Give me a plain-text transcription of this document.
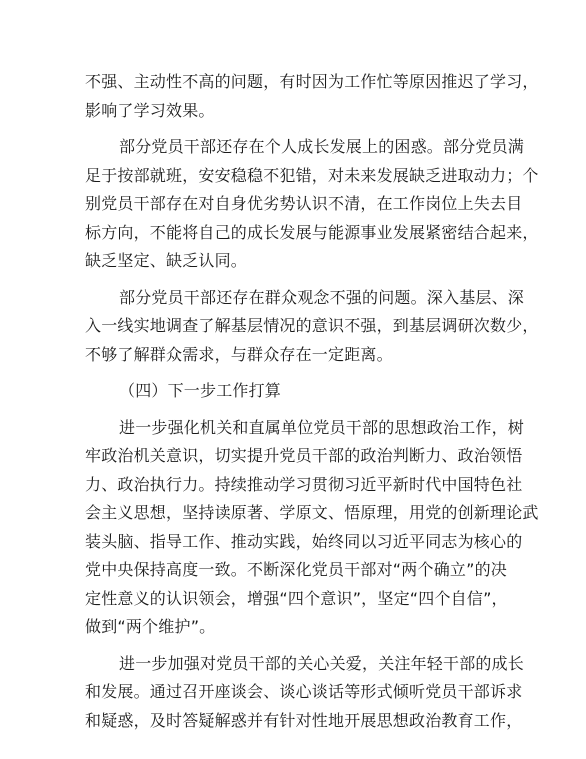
不强、主动性不高的问题，有时因为工作忙等原因推迟了学习，
影响了学习效果。

部分党员干部还存在个人成长发展上的困惑。部分党员满
足于按部就班，安安稳稳不犯错，对未来发展缺乏进取动力；个
别党员干部存在对自身优劣势认识不清，在工作岗位上失去目
标方向，不能将自己的成长发展与能源事业发展紧密结合起来，
缺乏坚定、缺乏认同。

部分党员干部还存在群众观念不强的问题。深入基层、深
入一线实地调查了解基层情况的意识不强，到基层调研次数少，
不够了解群众需求，与群众存在一定距离。

（四）下一步工作打算

进一步强化机关和直属单位党员干部的思想政治工作，树
牢政治机关意识，切实提升党员干部的政治判断力、政治领悟
力、政治执行力。持续推动学习贯彻习近平新时代中国特色社
会主义思想，坚持读原著、学原文、悟原理，用党的创新理论武
装头脑、指导工作、推动实践，始终同以习近平同志为核心的
党中央保持高度一致。不断深化党员干部对“两个确立”的决
定性意义的认识领会，增强“四个意识”，坚定“四个自信”，
做到“两个维护”。

进一步加强对党员干部的关心关爱，关注年轻干部的成长
和发展。通过召开座谈会、谈心谈话等形式倾听党员干部诉求
和疑惑，及时答疑解惑并有针对性地开展思想政治教育工作，
